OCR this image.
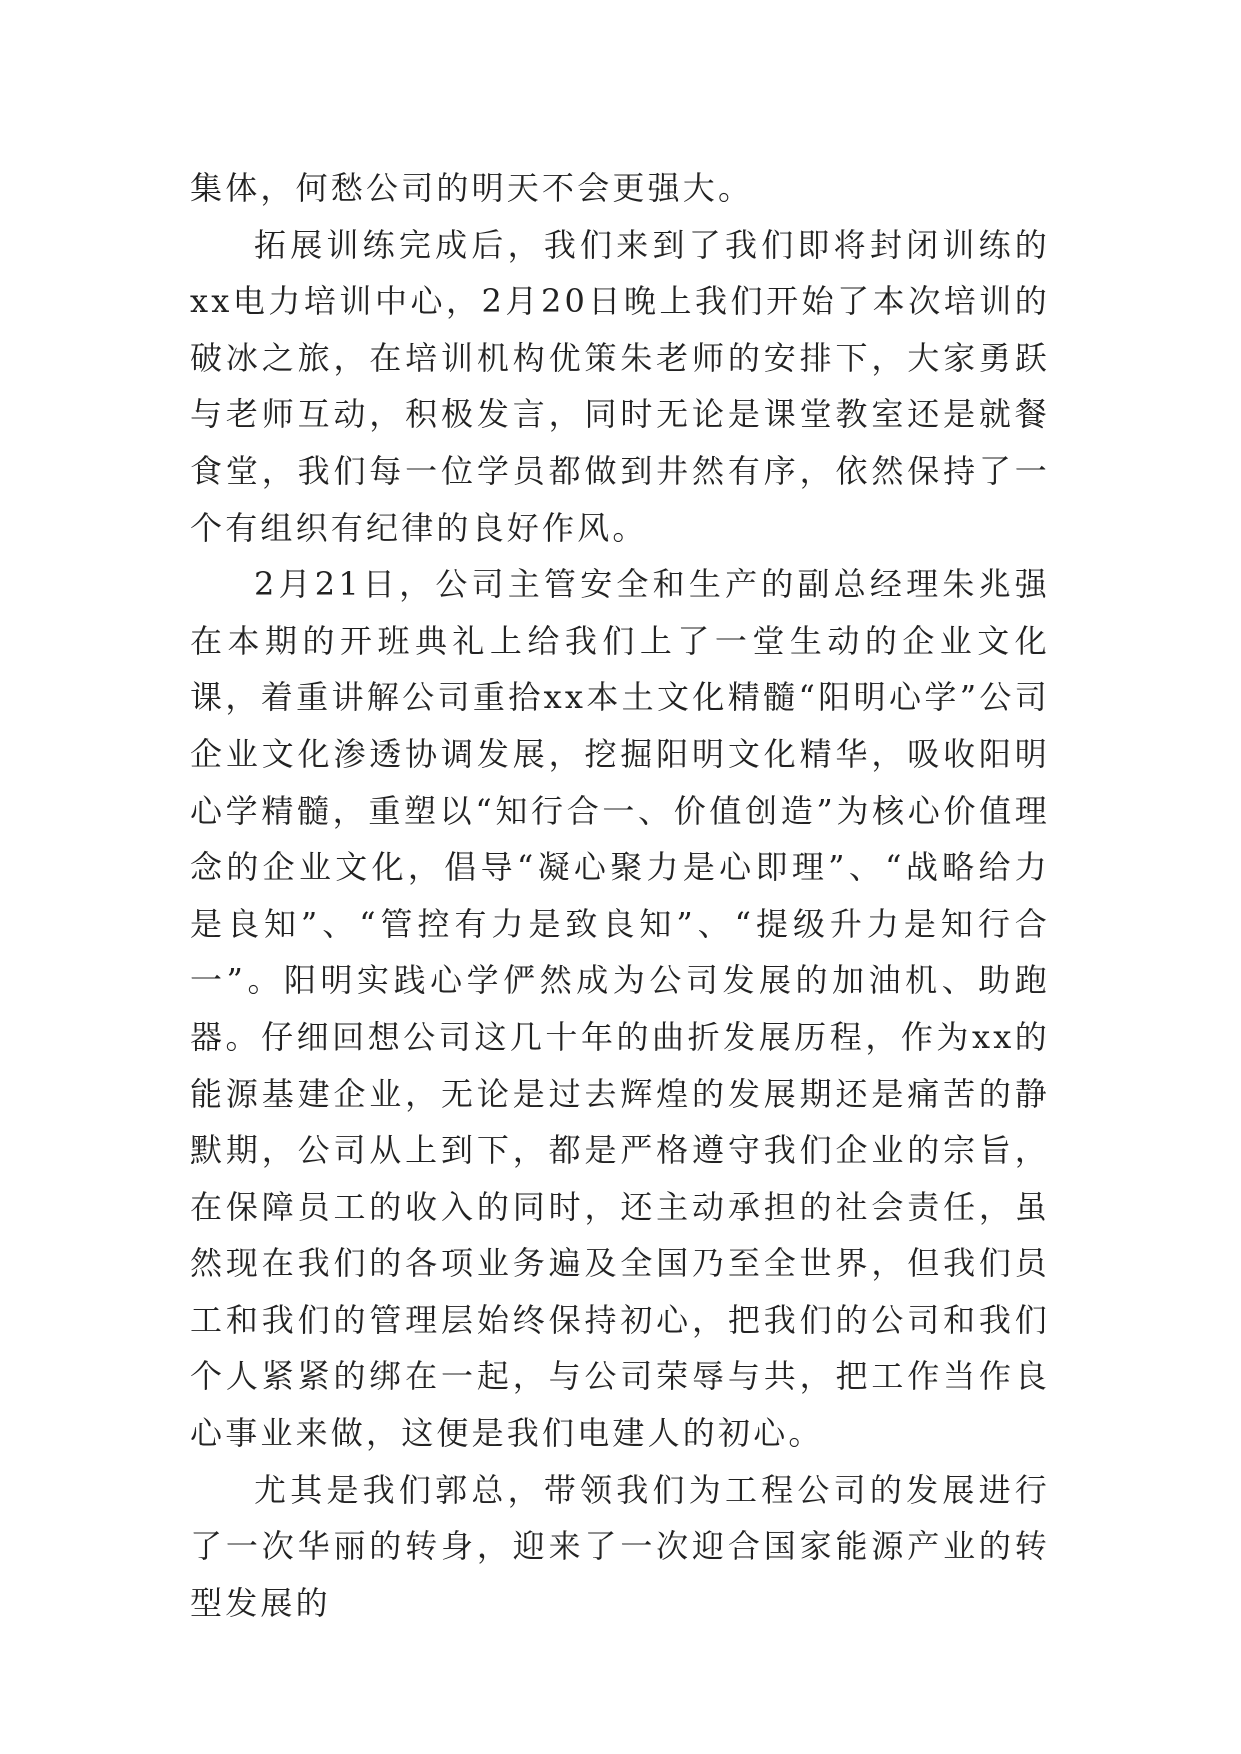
集体，何愁公司的明天不会更强大。

拓展训练完成后，我们来到了我们即将封闭训练的xx电力培训中心，2月20日晚上我们开始了本次培训的破冰之旅，在培训机构优策朱老师的安排下，大家勇跃与老师互动，积极发言，同时无论是课堂教室还是就餐食堂，我们每一位学员都做到井然有序，依然保持了一个有组织有纪律的良好作风。

2月21日，公司主管安全和生产的副总经理朱兆强在本期的开班典礼上给我们上了一堂生动的企业文化课，着重讲解公司重拾xx本土文化精髓“阳明心学”公司企业文化渗透协调发展，挖掘阳明文化精华，吸收阳明心学精髓，重塑以“知行合一、价值创造”为核心价值理念的企业文化，倡导“凝心聚力是心即理”、“战略给力是良知”、“管控有力是致良知”、“提级升力是知行合一”。阳明实践心学俨然成为公司发展的加油机、助跑器。仔细回想公司这几十年的曲折发展历程，作为xx的能源基建企业，无论是过去辉煌的发展期还是痛苦的静默期，公司从上到下，都是严格遵守我们企业的宗旨，在保障员工的收入的同时，还主动承担的社会责任，虽然现在我们的各项业务遍及全国乃至全世界，但我们员工和我们的管理层始终保持初心，把我们的公司和我们个人紧紧的绑在一起，与公司荣辱与共，把工作当作良心事业来做，这便是我们电建人的初心。

尤其是我们郭总，带领我们为工程公司的发展进行了一次华丽的转身，迎来了一次迎合国家能源产业的转型发展的
